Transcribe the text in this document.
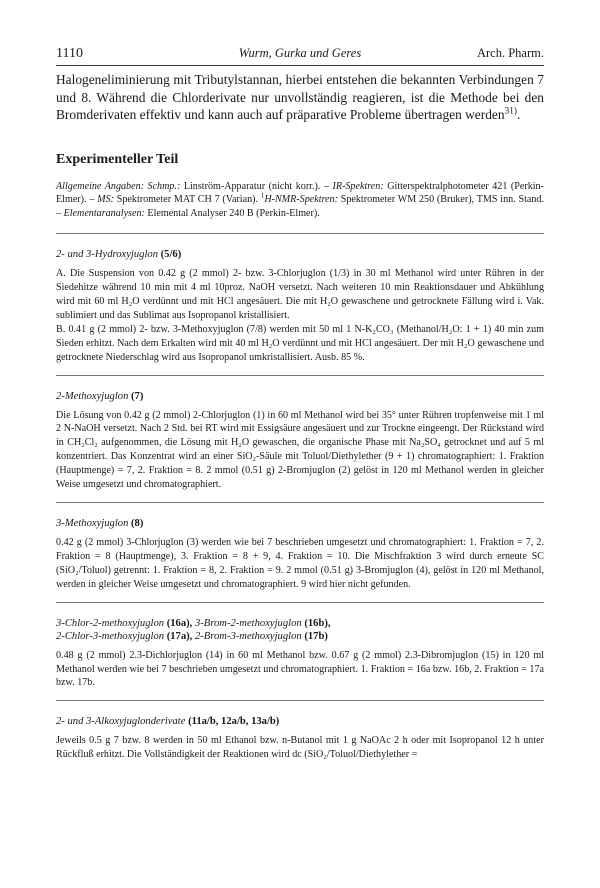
1110	Wurm, Gurka und Geres	Arch. Pharm.

Halogeneliminierung mit Tributylstannan, hierbei entstehen die bekannten Verbindungen 7 und 8. Während die Chlorderivate nur unvollständig reagieren, ist die Methode bei den Bromderivaten effektiv und kann auch auf präparative Probleme übertragen werden$^{31)}$.

Experimenteller Teil

Allgemeine Angaben: Schmp.: Linström-Apparatur (nicht korr.). – IR-Spektren: Gitterspektralphotometer 421 (Perkin-Elmer). – MS: Spektrometer MAT CH 7 (Varian). $^1$H-NMR-Spektren: Spektrometer WM 250 (Bruker), TMS inn. Stand. – Elementaranalysen: Elemental Analyser 240 B (Perkin-Elmer).

2- und 3-Hydroxyjuglon (5/6)

A. Die Suspension von 0.42 g (2 mmol) 2- bzw. 3-Chlorjuglon (1/3) in 30 ml Methanol wird unter Rühren in der Siedehitze während 10 min mit 4 ml 10proz. NaOH versetzt. Nach weiteren 10 min Reaktionsdauer und Abkühlung wird mit 60 ml H₂O verdünnt und mit HCl angesäuert. Die mit H₂O gewaschene und getrocknete Fällung wird i. Vak. sublimiert und das Sublimat aus Isopropanol kristallisiert.

B. 0.41 g (2 mmol) 2- bzw. 3-Methoxyjuglon (7/8) werden mit 50 ml 1 N-K₂CO₃ (Methanol/H₂O: 1 + 1) 40 min zum Sieden erhitzt. Nach dem Erkalten wird mit 40 ml H₂O verdünnt und mit HCl angesäuert. Der mit H₂O gewaschene und getrocknete Niederschlag wird aus Isopropanol umkristallisiert. Ausb. 85 %.

2-Methoxyjuglon (7)

Die Lösung von 0.42 g (2 mmol) 2-Chlorjuglon (1) in 60 ml Methanol wird bei 35° unter Rühren tropfenweise mit 1 ml 2 N-NaOH versetzt. Nach 2 Std. bei RT wird mit Essigsäure angesäuert und zur Trockne eingeengt. Der Rückstand wird in CH₂Cl₂ aufgenommen, die Lösung mit H₂O gewaschen, die organische Phase mit Na₂SO₄ getrocknet und auf 5 ml konzentriert. Das Konzentrat wird an einer SiO₂-Säule mit Toluol/Diethylether (9 + 1) chromatographiert: 1. Fraktion (Hauptmenge) = 7, 2. Fraktion = 8. 2 mmol (0.51 g) 2-Bromjuglon (2) gelöst in 120 ml Methanol werden in gleicher Weise umgesetzt und chromatographiert.

3-Methoxyjuglon (8)

0.42 g (2 mmol) 3-Chlorjuglon (3) werden wie bei 7 beschrieben umgesetzt und chromatographiert: 1. Fraktion = 7, 2. Fraktion = 8 (Hauptmenge), 3. Fraktion = 8 + 9, 4. Fraktion = 10. Die Mischfraktion 3 wird durch erneute SC (SiO₂/Toluol) getrennt: 1. Fraktion = 8, 2. Fraktion = 9. 2 mmol (0.51 g) 3-Bromjuglon (4), gelöst in 120 ml Methanol, werden in gleicher Weise umgesetzt und chromatographiert. 9 wird hier nicht gefunden.

3-Chlor-2-methoxyjuglon (16a), 3-Brom-2-methoxyjuglon (16b),
2-Chlor-3-methoxyjuglon (17a), 2-Brom-3-methoxyjuglon (17b)

0.48 g (2 mmol) 2.3-Dichlorjuglon (14) in 60 ml Methanol bzw. 0.67 g (2 mmol) 2.3-Dibromjuglon (15) in 120 ml Methanol werden wie bei 7 beschrieben umgesetzt und chromatographiert. 1. Fraktion = 16a bzw. 16b, 2. Fraktion = 17a bzw. 17b.

2- und 3-Alkoxyjuglonderivate (11a/b, 12a/b, 13a/b)

Jeweils 0.5 g 7 bzw. 8 werden in 50 ml Ethanol bzw. n-Butanol mit 1 g NaOAc 2 h oder mit Isopropanol 12 h unter Rückfluß erhitzt. Die Vollständigkeit der Reaktionen wird dc (SiO₂/Toluol/Diethylether =
